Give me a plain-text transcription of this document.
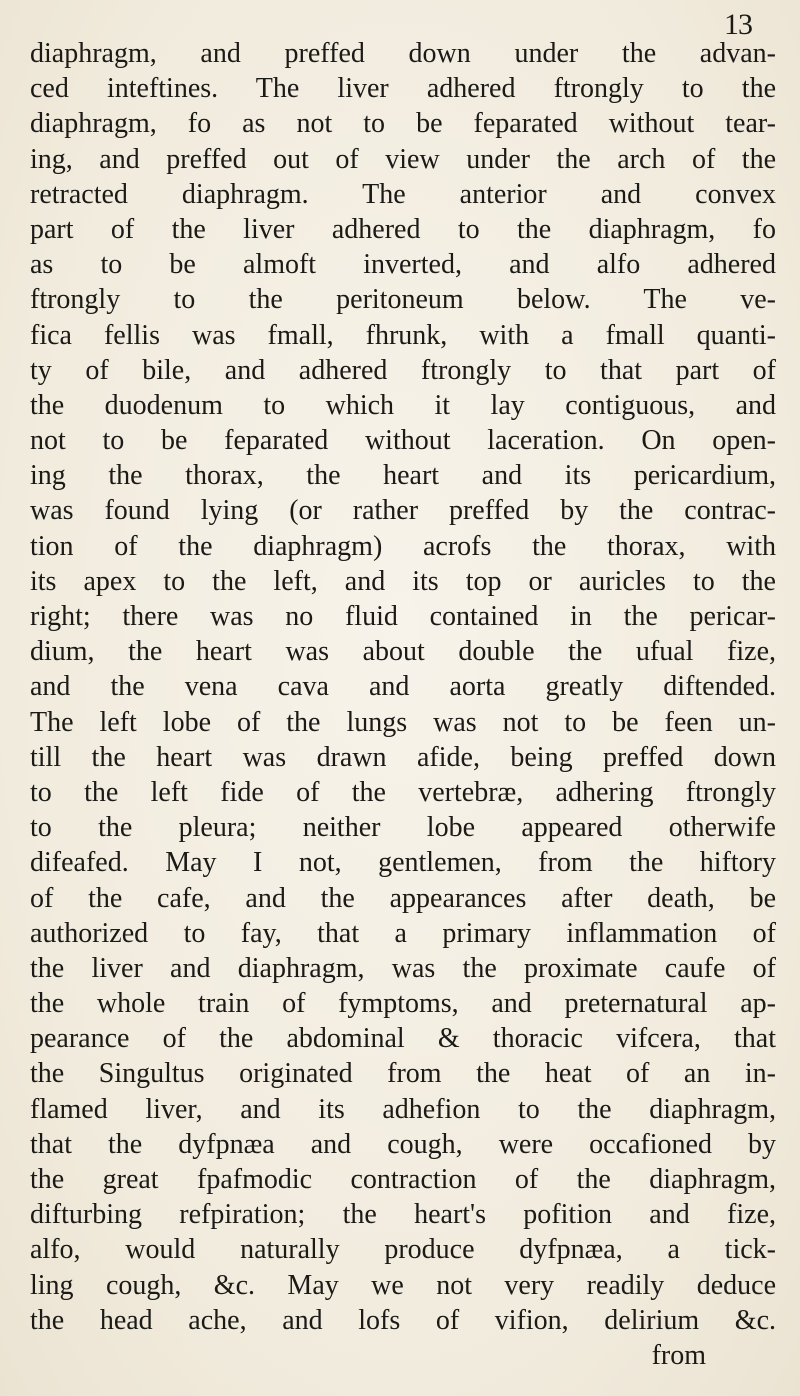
13
diaphragm, and preffed down under the advan-
ced inteftines. The liver adhered ftrongly to the
diaphragm, fo as not to be feparated without tear-
ing, and preffed out of view under the arch of the
retracted diaphragm. The anterior and convex
part of the liver adhered to the diaphragm, fo
as to be almoft inverted, and alfo adhered
ftrongly to the peritoneum below. The ve-
fica fellis was fmall, fhrunk, with a fmall quanti-
ty of bile, and adhered ftrongly to that part of
the duodenum to which it lay contiguous, and
not to be feparated without laceration. On open-
ing the thorax, the heart and its pericardium,
was found lying (or rather preffed by the contrac-
tion of the diaphragm) acrofs the thorax, with
its apex to the left, and its top or auricles to the
right; there was no fluid contained in the pericar-
dium, the heart was about double the ufual fize,
and the vena cava and aorta greatly diftended.
The left lobe of the lungs was not to be feen un-
till the heart was drawn afide, being preffed down
to the left fide of the vertebræ, adhering ftrongly
to the pleura; neither lobe appeared otherwife
difeafed. May I not, gentlemen, from the hiftory
of the cafe, and the appearances after death, be
authorized to fay, that a primary inflammation of
the liver and diaphragm, was the proximate caufe of
the whole train of fymptoms, and preternatural ap-
pearance of the abdominal & thoracic vifcera, that
the Singultus originated from the heat of an in-
flamed liver, and its adhefion to the diaphragm,
that the dyfpnæa and cough, were occafioned by
the great fpafmodic contraction of the diaphragm,
difturbing refpiration; the heart's pofition and fize,
alfo, would naturally produce dyfpnæa, a tick-
ling cough, &c. May we not very readily deduce
the head ache, and lofs of vifion, delirium &c.
from
